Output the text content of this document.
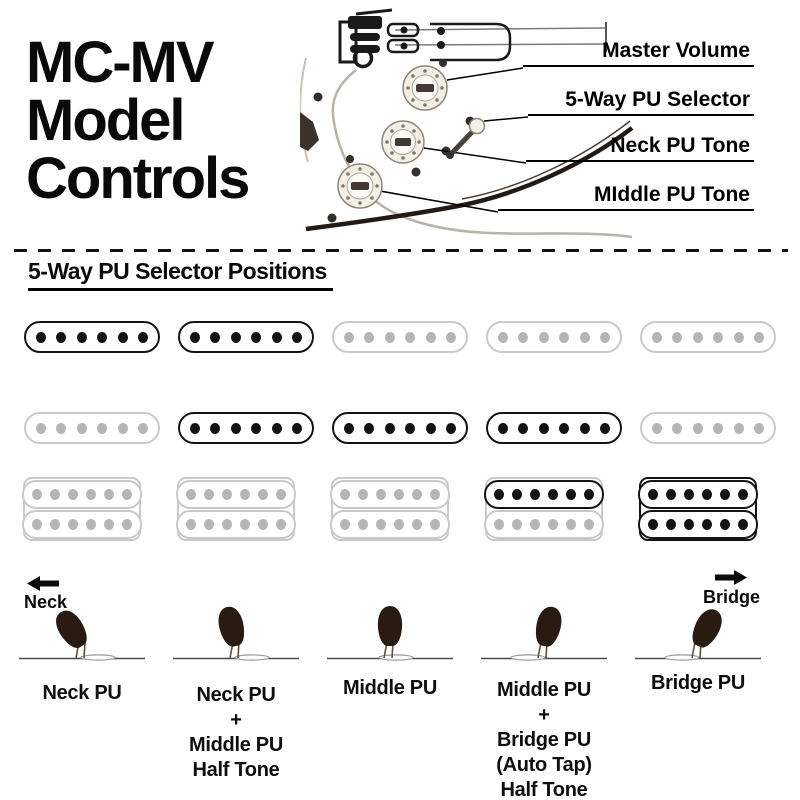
MC-MV
Model
Controls
Master Volume
5-Way PU Selector
Neck PU Tone
MIddle PU Tone
5-Way PU Selector Positions
Neck	Bridge
Neck PU	Neck PU
+
Middle PU
Half Tone
Middle PU	Middle PU
+
Bridge PU
(Auto Tap)
Half Tone
Bridge PU
